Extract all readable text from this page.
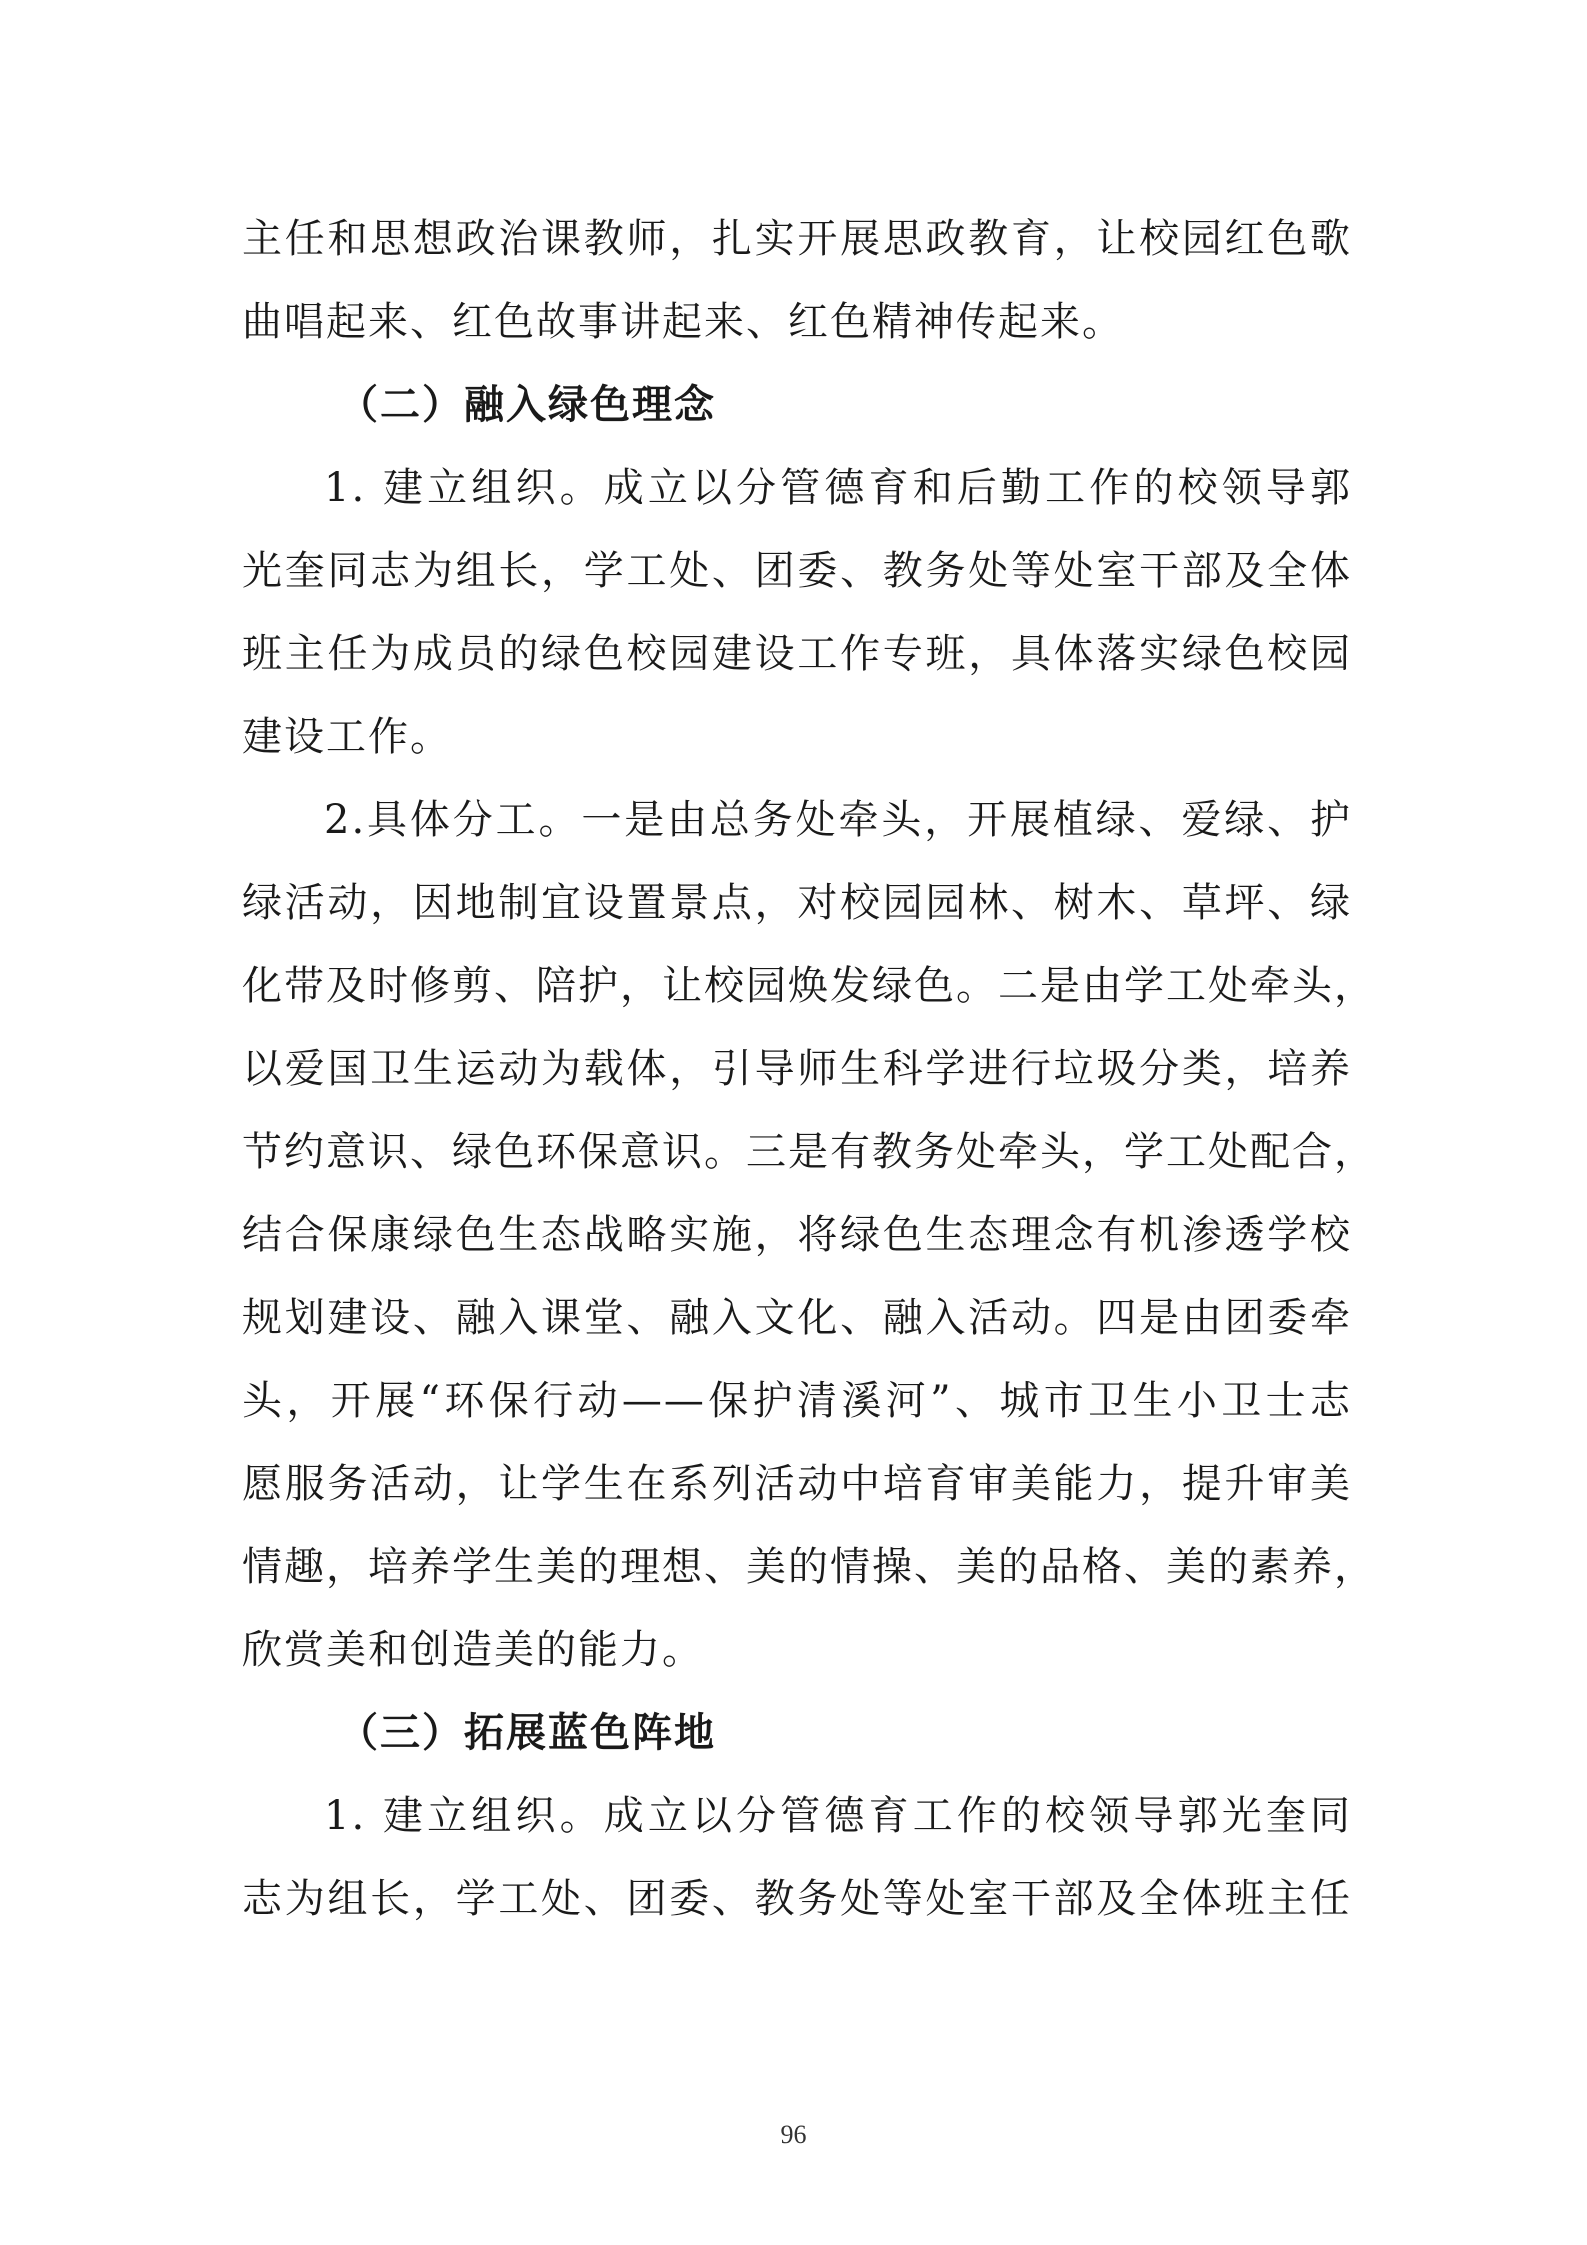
主任和思想政治课教师，扎实开展思政教育，让校园红色歌
曲唱起来、红色故事讲起来、红色精神传起来。
（二）融入绿色理念
1. 建立组织。成立以分管德育和后勤工作的校领导郭
光奎同志为组长，学工处、团委、教务处等处室干部及全体
班主任为成员的绿色校园建设工作专班，具体落实绿色校园
建设工作。
2.具体分工。一是由总务处牵头，开展植绿、爱绿、护
绿活动，因地制宜设置景点，对校园园林、树木、草坪、绿
化带及时修剪、陪护，让校园焕发绿色。二是由学工处牵头，
以爱国卫生运动为载体，引导师生科学进行垃圾分类，培养
节约意识、绿色环保意识。三是有教务处牵头，学工处配合，
结合保康绿色生态战略实施，将绿色生态理念有机渗透学校
规划建设、融入课堂、融入文化、融入活动。四是由团委牵
头，开展“环保行动——保护清溪河”、城市卫生小卫士志
愿服务活动，让学生在系列活动中培育审美能力，提升审美
情趣，培养学生美的理想、美的情操、美的品格、美的素养，
欣赏美和创造美的能力。
（三）拓展蓝色阵地
1. 建立组织。成立以分管德育工作的校领导郭光奎同
志为组长，学工处、团委、教务处等处室干部及全体班主任
96
